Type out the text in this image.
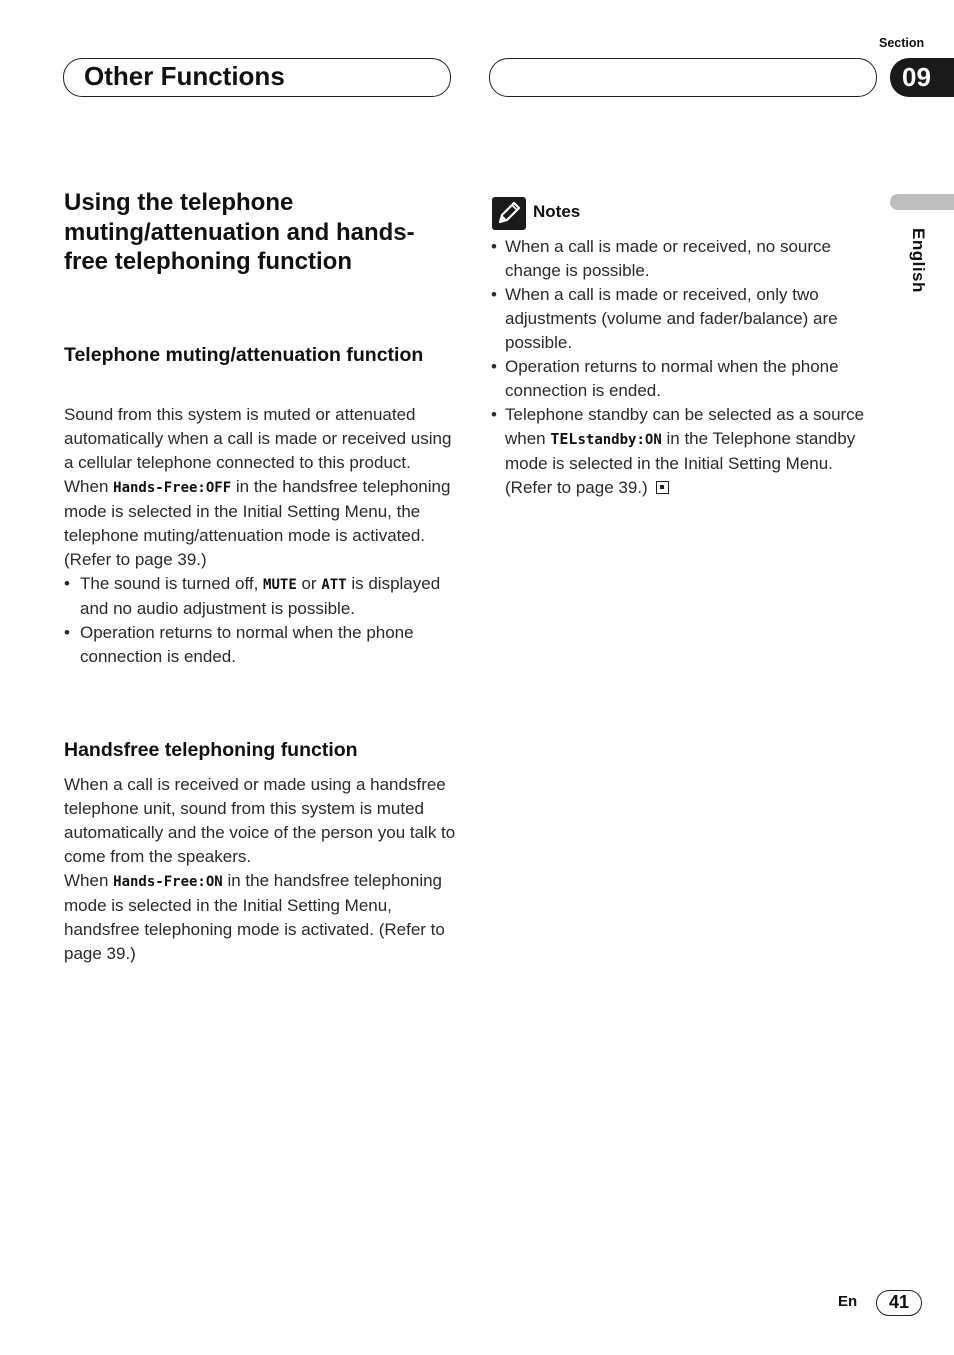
Other Functions
Section
09
English
Using the telephone muting/attenuation and hands-free telephoning function
Telephone muting/attenuation function
Sound from this system is muted or attenuated automatically when a call is made or received using a cellular telephone connected to this product.
When Hands-Free:OFF in the handsfree telephoning mode is selected in the Initial Setting Menu, the telephone muting/attenuation mode is activated. (Refer to page 39.)
• The sound is turned off, MUTE or ATT is displayed and no audio adjustment is possible.
• Operation returns to normal when the phone connection is ended.
Handsfree telephoning function
When a call is received or made using a handsfree telephone unit, sound from this system is muted automatically and the voice of the person you talk to come from the speakers.
When Hands-Free:ON in the handsfree telephoning mode is selected in the Initial Setting Menu, handsfree telephoning mode is activated. (Refer to page 39.)
Notes
• When a call is made or received, no source change is possible.
• When a call is made or received, only two adjustments (volume and fader/balance) are possible.
• Operation returns to normal when the phone connection is ended.
• Telephone standby can be selected as a source when TELstandby:ON in the Telephone standby mode is selected in the Initial Setting Menu. (Refer to page 39.)
En	41
